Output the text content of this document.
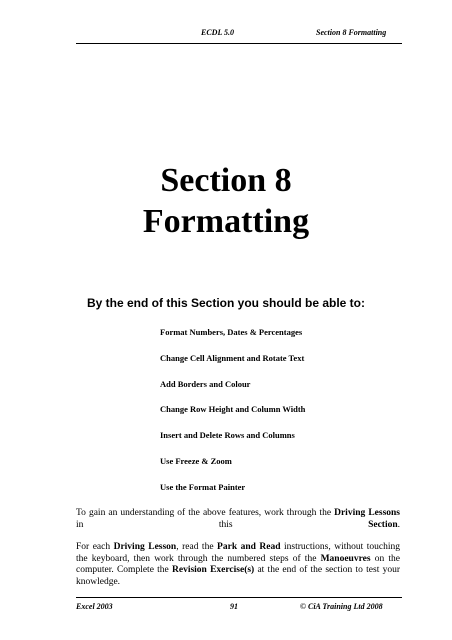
ECDL 5.0	Section 8 Formatting
Section 8
Formatting
By the end of this Section you should be able to:
Format Numbers, Dates & Percentages
Change Cell Alignment and Rotate Text
Add Borders and Colour
Change Row Height and Column Width
Insert and Delete Rows and Columns
Use Freeze & Zoom
Use the Format Painter

To gain an understanding of the above features, work through the Driving Lessons in this Section.

For each Driving Lesson, read the Park and Read instructions, without touching the keyboard, then work through the numbered steps of the Manoeuvres on the computer. Complete the Revision Exercise(s) at the end of the section to test your knowledge.

Excel 2003	91	© CiA Training Ltd 2008
